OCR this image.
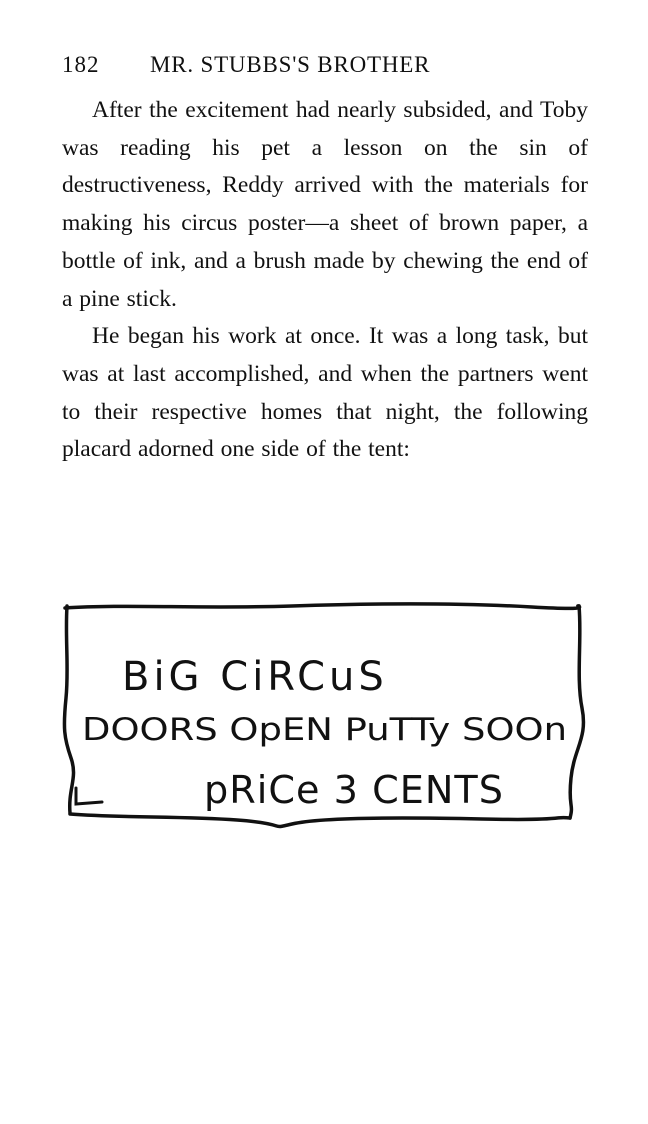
182	MR. STUBBS'S BROTHER

After the excitement had nearly subsided, and Toby was reading his pet a lesson on the sin of destructiveness, Reddy arrived with the materials for making his circus poster—a sheet of brown paper, a bottle of ink, and a brush made by chewing the end of a pine stick.

He began his work at once. It was a long task, but was at last accomplished, and when the partners went to their respective homes that night, the following placard adorned one side of the tent:

BiG CiRCuS
DOORS OpEN PuTTy SOOn
pRiCe 3 CENTS
